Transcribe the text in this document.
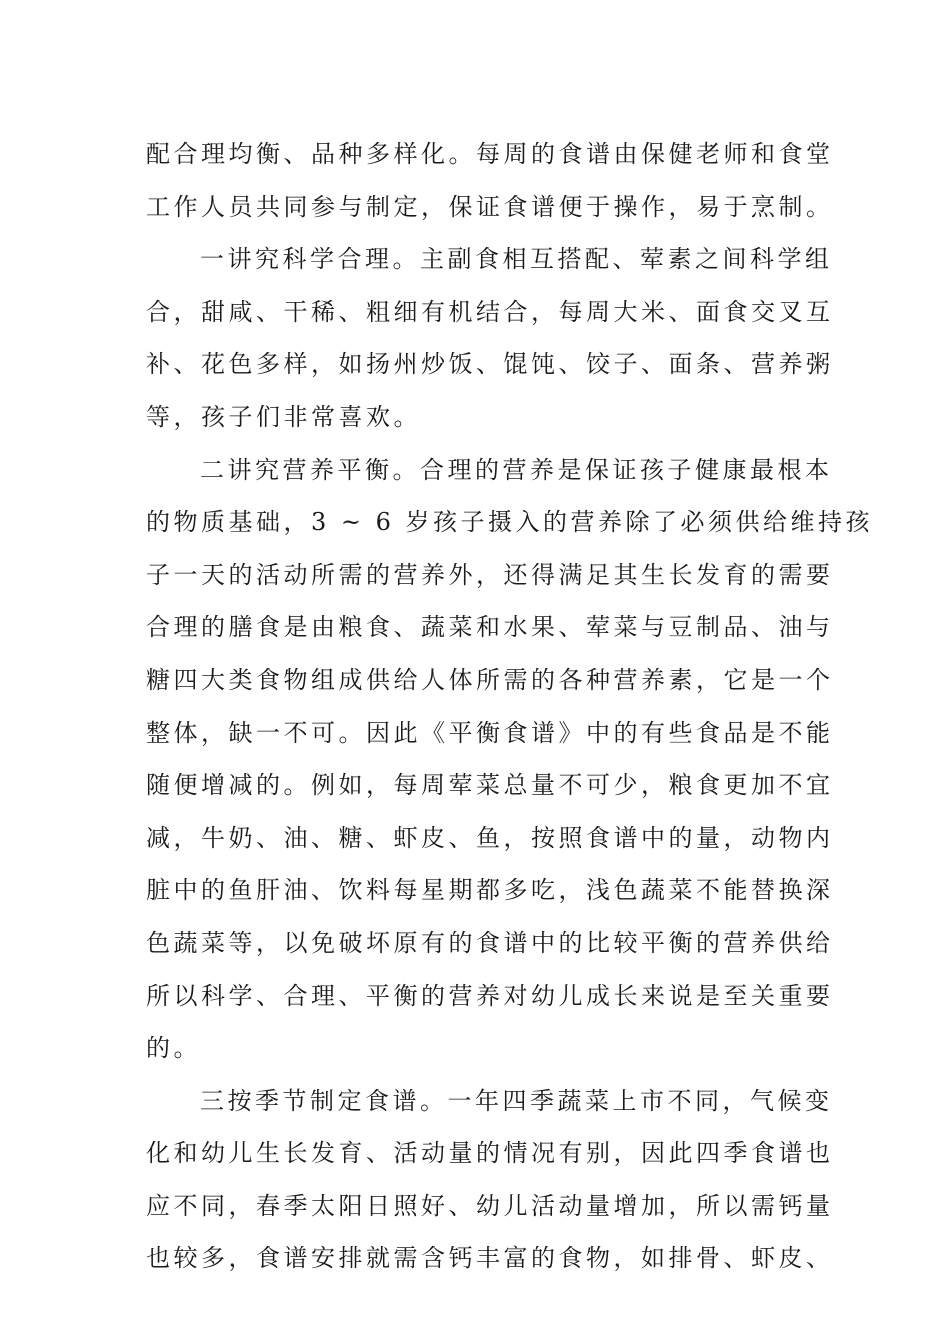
配合理均衡、品种多样化。每周的食谱由保健老师和食堂
工作人员共同参与制定，保证食谱便于操作，易于烹制。
一讲究科学合理。主副食相互搭配、荤素之间科学组
合，甜咸、干稀、粗细有机结合，每周大米、面食交叉互
补、花色多样，如扬州炒饭、馄饨、饺子、面条、营养粥
等，孩子们非常喜欢。
二讲究营养平衡。合理的营养是保证孩子健康最根本
的物质基础，3 ~ 6 岁孩子摄入的营养除了必须供给维持孩
子一天的活动所需的营养外，还得满足其生长发育的需要
合理的膳食是由粮食、蔬菜和水果、荤菜与豆制品、油与
糖四大类食物组成供给人体所需的各种营养素，它是一个
整体，缺一不可。因此《平衡食谱》中的有些食品是不能
随便增减的。例如，每周荤菜总量不可少，粮食更加不宜
减，牛奶、油、糖、虾皮、鱼，按照食谱中的量，动物内
脏中的鱼肝油、饮料每星期都多吃，浅色蔬菜不能替换深
色蔬菜等，以免破坏原有的食谱中的比较平衡的营养供给
所以科学、合理、平衡的营养对幼儿成长来说是至关重要
的。
三按季节制定食谱。一年四季蔬菜上市不同，气候变
化和幼儿生长发育、活动量的情况有别，因此四季食谱也
应不同，春季太阳日照好、幼儿活动量增加，所以需钙量
也较多，食谱安排就需含钙丰富的食物，如排骨、虾皮、
